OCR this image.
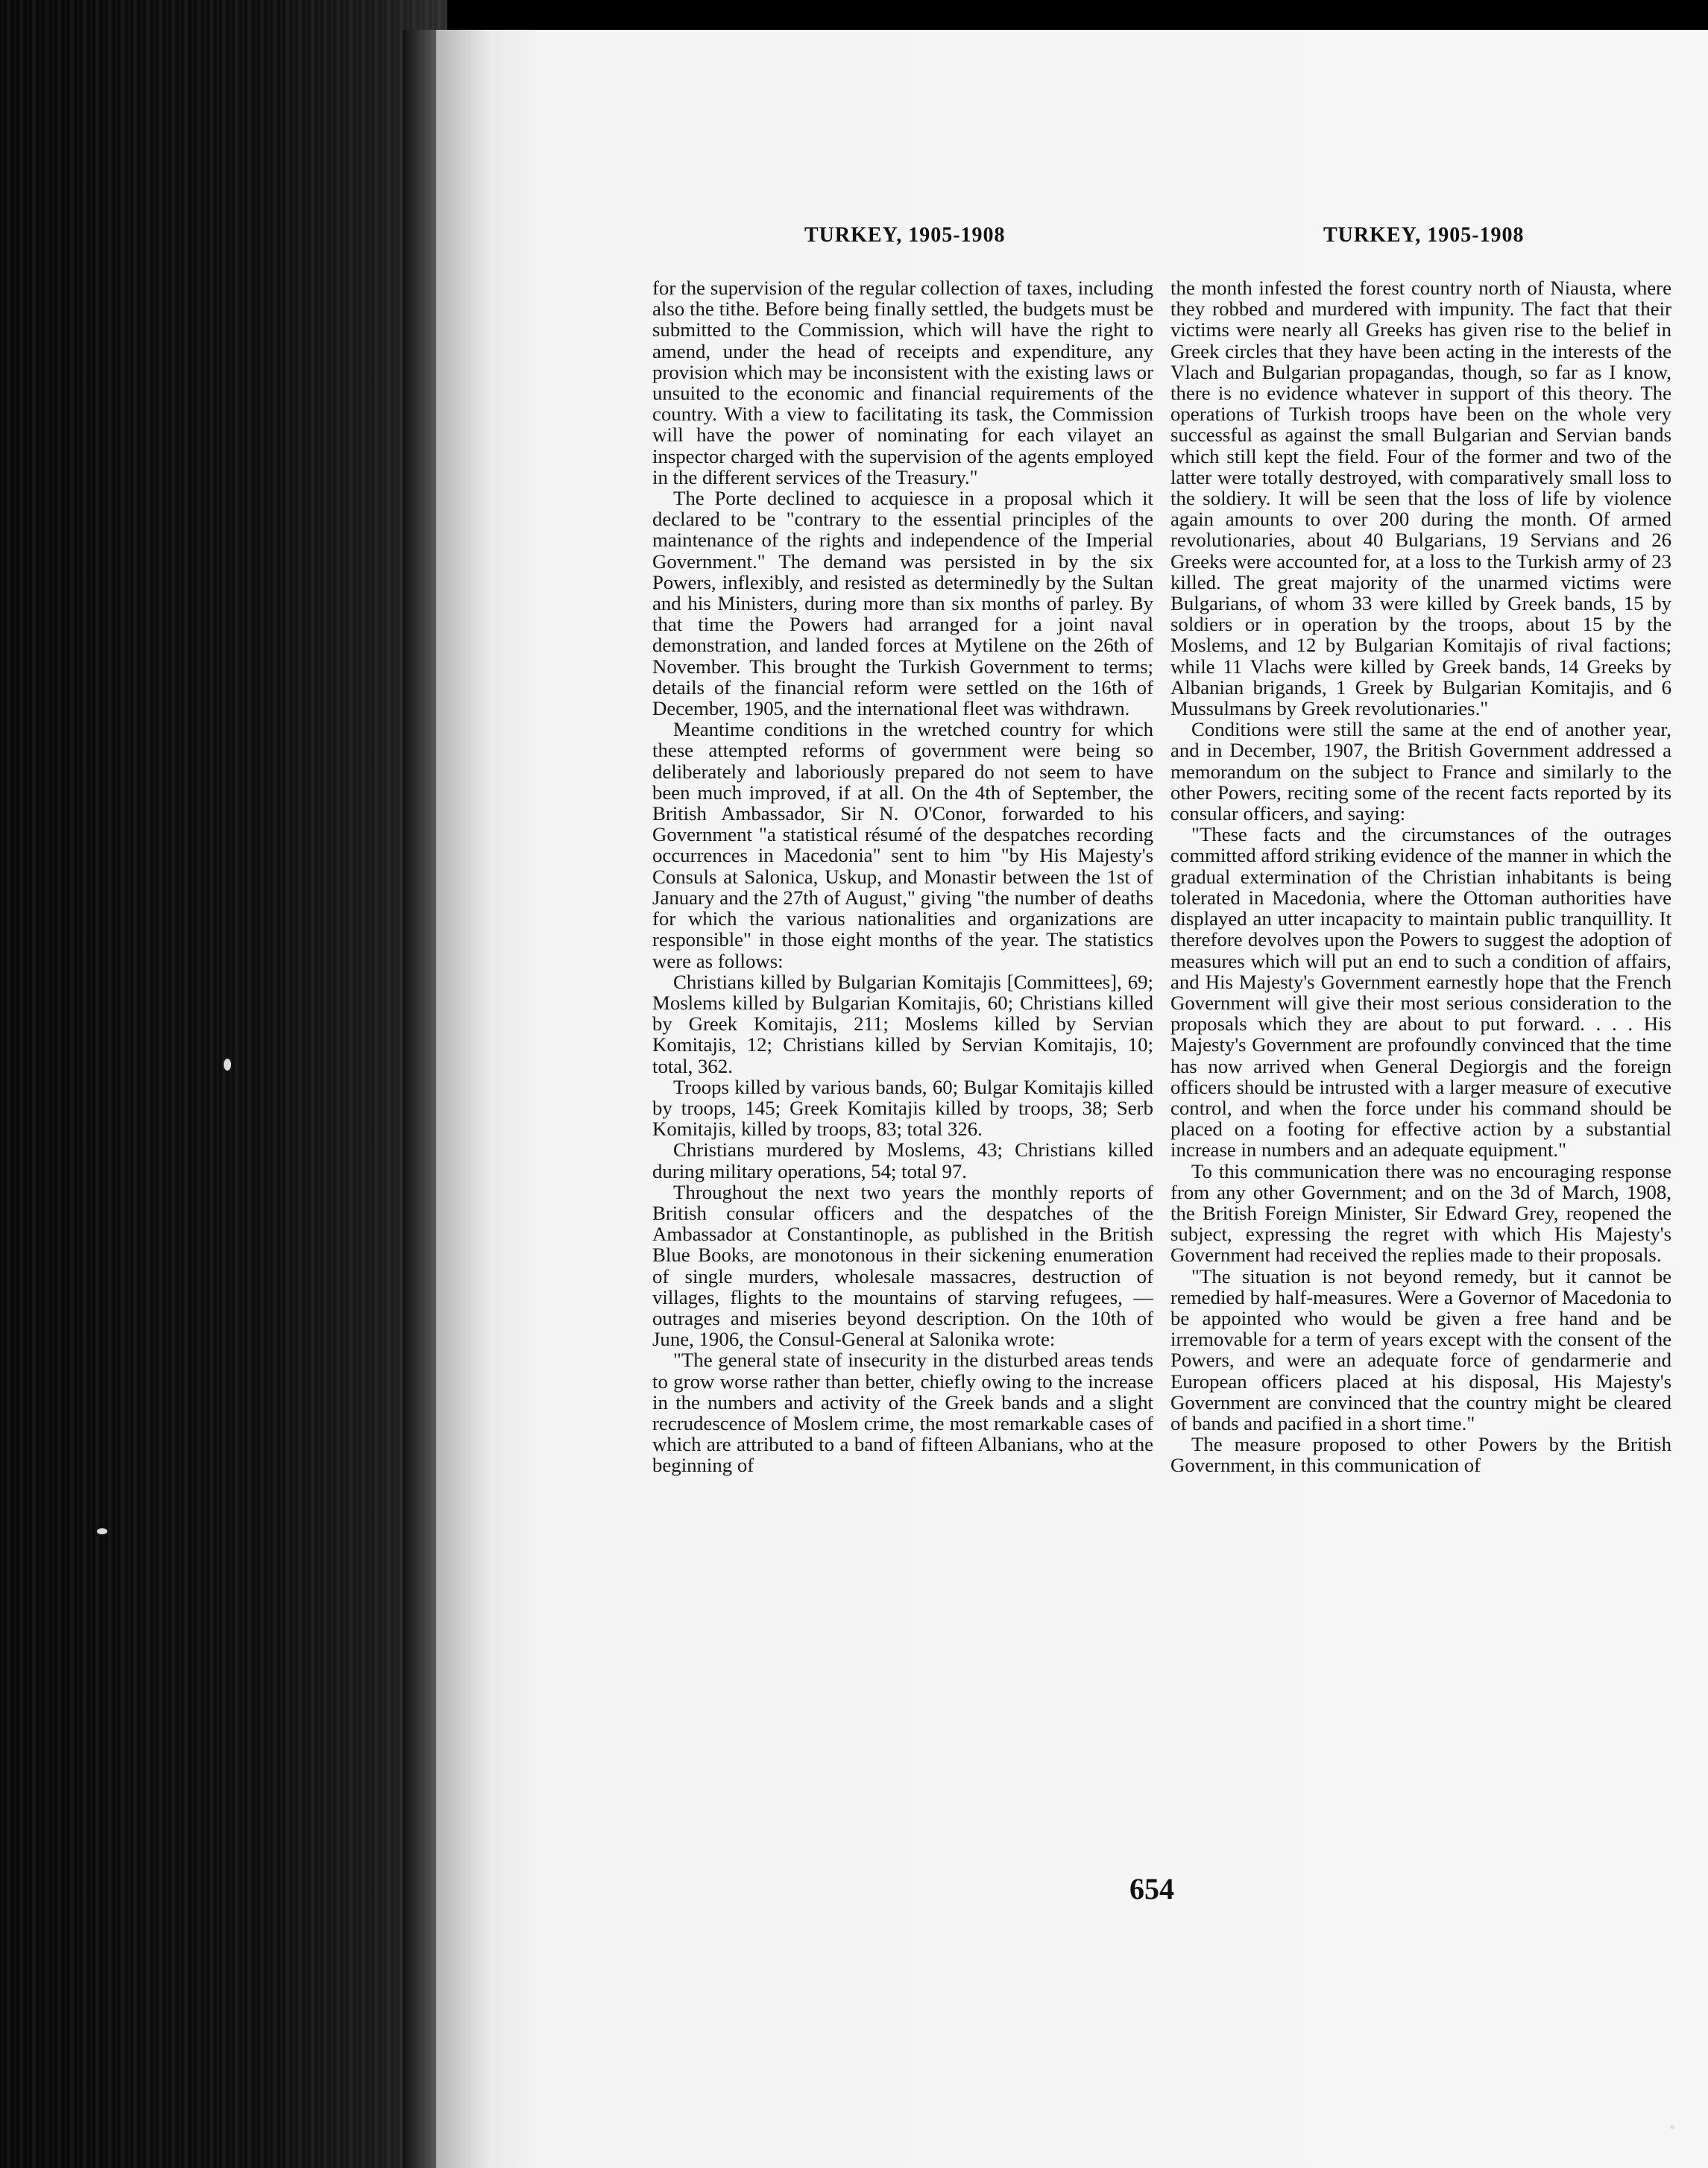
TURKEY, 1905-1908	TURKEY, 1905-1908

for the supervision of the regular collection of taxes, including also the tithe. Before being finally settled, the budgets must be submitted to the Commission, which will have the right to amend, under the head of receipts and expenditure, any provision which may be inconsistent with the existing laws or unsuited to the economic and financial requirements of the country. With a view to facilitating its task, the Commission will have the power of nominating for each vilayet an inspector charged with the supervision of the agents employed in the different services of the Treasury."

The Porte declined to acquiesce in a proposal which it declared to be "contrary to the essential principles of the maintenance of the rights and independence of the Imperial Government." The demand was persisted in by the six Powers, inflexibly, and resisted as determinedly by the Sultan and his Ministers, during more than six months of parley. By that time the Powers had arranged for a joint naval demonstration, and landed forces at Mytilene on the 26th of November. This brought the Turkish Government to terms; details of the financial reform were settled on the 16th of December, 1905, and the international fleet was withdrawn.

Meantime conditions in the wretched country for which these attempted reforms of government were being so deliberately and laboriously prepared do not seem to have been much improved, if at all. On the 4th of September, the British Ambassador, Sir N. O'Conor, forwarded to his Government "a statistical résumé of the despatches recording occurrences in Macedonia" sent to him "by His Majesty's Consuls at Salonica, Uskup, and Monastir between the 1st of January and the 27th of August," giving "the number of deaths for which the various nationalities and organizations are responsible" in those eight months of the year. The statistics were as follows:

Christians killed by Bulgarian Komitajis [Committees], 69; Moslems killed by Bulgarian Komitajis, 60; Christians killed by Greek Komitajis, 211; Moslems killed by Servian Komitajis, 12; Christians killed by Servian Komitajis, 10; total, 362.

Troops killed by various bands, 60; Bulgar Komitajis killed by troops, 145; Greek Komitajis killed by troops, 38; Serb Komitajis, killed by troops, 83; total 326.

Christians murdered by Moslems, 43; Christians killed during military operations, 54; total 97.

Throughout the next two years the monthly reports of British consular officers and the despatches of the Ambassador at Constantinople, as published in the British Blue Books, are monotonous in their sickening enumeration of single murders, wholesale massacres, destruction of villages, flights to the mountains of starving refugees, — outrages and miseries beyond description. On the 10th of June, 1906, the Consul-General at Salonika wrote:

"The general state of insecurity in the disturbed areas tends to grow worse rather than better, chiefly owing to the increase in the numbers and activity of the Greek bands and a slight recrudescence of Moslem crime, the most remarkable cases of which are attributed to a band of fifteen Albanians, who at the beginning of

the month infested the forest country north of Niausta, where they robbed and murdered with impunity. The fact that their victims were nearly all Greeks has given rise to the belief in Greek circles that they have been acting in the interests of the Vlach and Bulgarian propagandas, though, so far as I know, there is no evidence whatever in support of this theory. The operations of Turkish troops have been on the whole very successful as against the small Bulgarian and Servian bands which still kept the field. Four of the former and two of the latter were totally destroyed, with comparatively small loss to the soldiery. It will be seen that the loss of life by violence again amounts to over 200 during the month. Of armed revolutionaries, about 40 Bulgarians, 19 Servians and 26 Greeks were accounted for, at a loss to the Turkish army of 23 killed. The great majority of the unarmed victims were Bulgarians, of whom 33 were killed by Greek bands, 15 by soldiers or in operation by the troops, about 15 by the Moslems, and 12 by Bulgarian Komitajis of rival factions; while 11 Vlachs were killed by Greek bands, 14 Greeks by Albanian brigands, 1 Greek by Bulgarian Komitajis, and 6 Mussulmans by Greek revolutionaries."

Conditions were still the same at the end of another year, and in December, 1907, the British Government addressed a memorandum on the subject to France and similarly to the other Powers, reciting some of the recent facts reported by its consular officers, and saying:

"These facts and the circumstances of the outrages committed afford striking evidence of the manner in which the gradual extermination of the Christian inhabitants is being tolerated in Macedonia, where the Ottoman authorities have displayed an utter incapacity to maintain public tranquillity. It therefore devolves upon the Powers to suggest the adoption of measures which will put an end to such a condition of affairs, and His Majesty's Government earnestly hope that the French Government will give their most serious consideration to the proposals which they are about to put forward. . . . His Majesty's Government are profoundly convinced that the time has now arrived when General Degiorgis and the foreign officers should be intrusted with a larger measure of executive control, and when the force under his command should be placed on a footing for effective action by a substantial increase in numbers and an adequate equipment."

To this communication there was no encouraging response from any other Government; and on the 3d of March, 1908, the British Foreign Minister, Sir Edward Grey, reopened the subject, expressing the regret with which His Majesty's Government had received the replies made to their proposals.

"The situation is not beyond remedy, but it cannot be remedied by half-measures. Were a Governor of Macedonia to be appointed who would be given a free hand and be irremovable for a term of years except with the consent of the Powers, and were an adequate force of gendarmerie and European officers placed at his disposal, His Majesty's Government are convinced that the country might be cleared of bands and pacified in a short time."

The measure proposed to other Powers by the British Government, in this communication of

654
